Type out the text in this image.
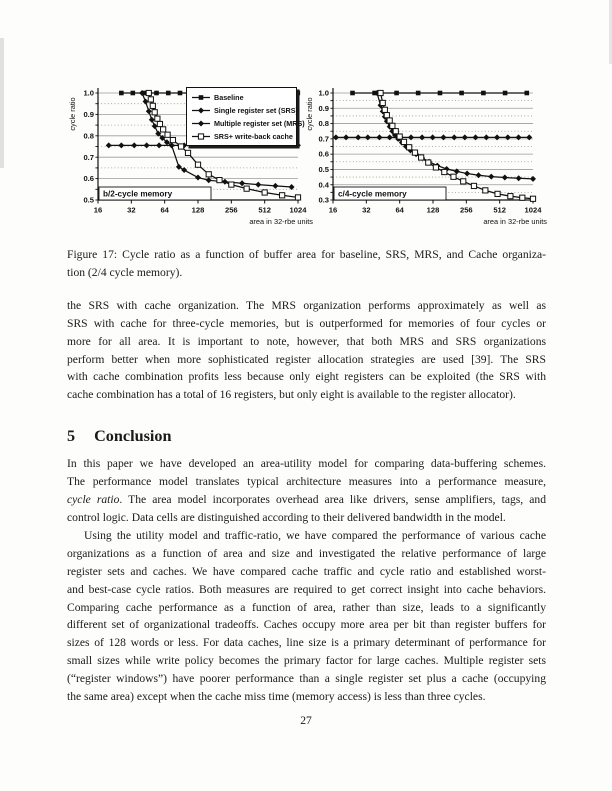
0.5
0.6
0.7
0.8
0.9
1.0
16	32	64	128	256	512 1024
b/2-cycle memory
cycle ratio
area in 32-rbe units
0.3
0.4
0.5
0.6
0.7
0.8
0.9
1.0
16	32	64	128	256	512 1024
c/4-cycle memory
cycle ratio
area in 32-rbe units
Baseline
Single register set (SRS)
Multiple register set (MRS)
SRS+ write-back cache
Figure 17: Cycle ratio as a function of buffer area for baseline, SRS, MRS, and Cache organiza-
tion (2/4 cycle memory).
the SRS with cache organization. The MRS organization performs approximately as well as
SRS with cache for three-cycle memories, but is outperformed for memories of four cycles or
more for all area. It is important to note, however, that both MRS and SRS organizations
perform better when more sophisticated register allocation strategies are used [39]. The SRS
with cache combination profits less because only eight registers can be exploited (the SRS with
cache combination has a total of 16 registers, but only eight is available to the register allocator).
5 Conclusion
In this paper we have developed an area-utility model for comparing data-buffering schemes.
The performance model translates typical architecture measures into a performance measure,
cycle ratio. The area model incorporates overhead area like drivers, sense amplifiers, tags, and
control logic. Data cells are distinguished according to their delivered bandwidth in the model.
Using the utility model and traffic-ratio, we have compared the performance of various cache
organizations as a function of area and size and investigated the relative performance of large
register sets and caches. We have compared cache traffic and cycle ratio and established worst-
and best-case cycle ratios. Both measures are required to get correct insight into cache behaviors.
Comparing cache performance as a function of area, rather than size, leads to a significantly
different set of organizational tradeoffs. Caches occupy more area per bit than register buffers for
sizes of 128 words or less. For data caches, line size is a primary determinant of performance for
small sizes while write policy becomes the primary factor for large caches. Multiple register sets
(“register windows”) have poorer performance than a single register set plus a cache (occupying
the same area) except when the cache miss time (memory access) is less than three cycles.
27
